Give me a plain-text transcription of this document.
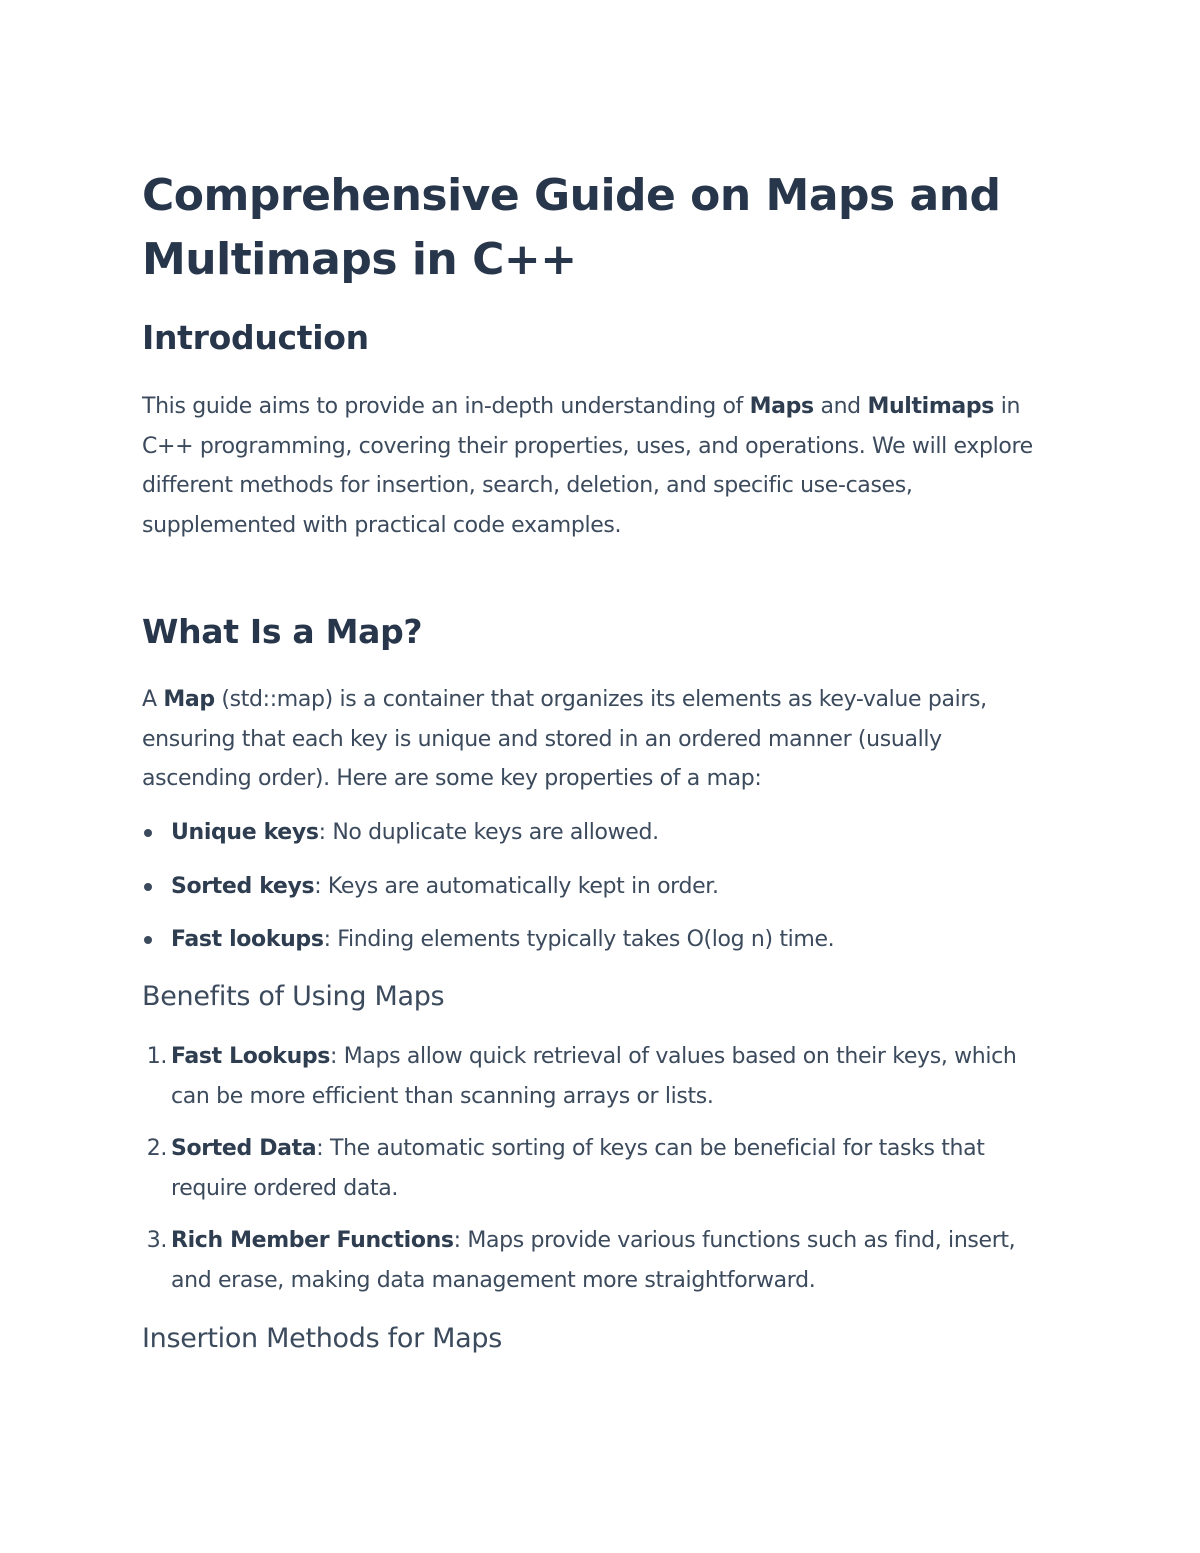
Comprehensive Guide on Maps and Multimaps in C++
Introduction

This guide aims to provide an in-depth understanding of Maps and Multimaps in C++ programming, covering their properties, uses, and operations. We will explore different methods for insertion, search, deletion, and specific use-cases, supplemented with practical code examples.

What Is a Map?

A Map (std::map) is a container that organizes its elements as key-value pairs, ensuring that each key is unique and stored in an ordered manner (usually ascending order). Here are some key properties of a map:

Unique keys: No duplicate keys are allowed.
Sorted keys: Keys are automatically kept in order.
Fast lookups: Finding elements typically takes O(log n) time.
Benefits of Using Maps
1. Fast Lookups: Maps allow quick retrieval of values based on their keys, which can be more efficient than scanning arrays or lists.
2. Sorted Data: The automatic sorting of keys can be beneficial for tasks that require ordered data.
3. Rich Member Functions: Maps provide various functions such as find, insert, and erase, making data management more straightforward.
Insertion Methods for Maps
